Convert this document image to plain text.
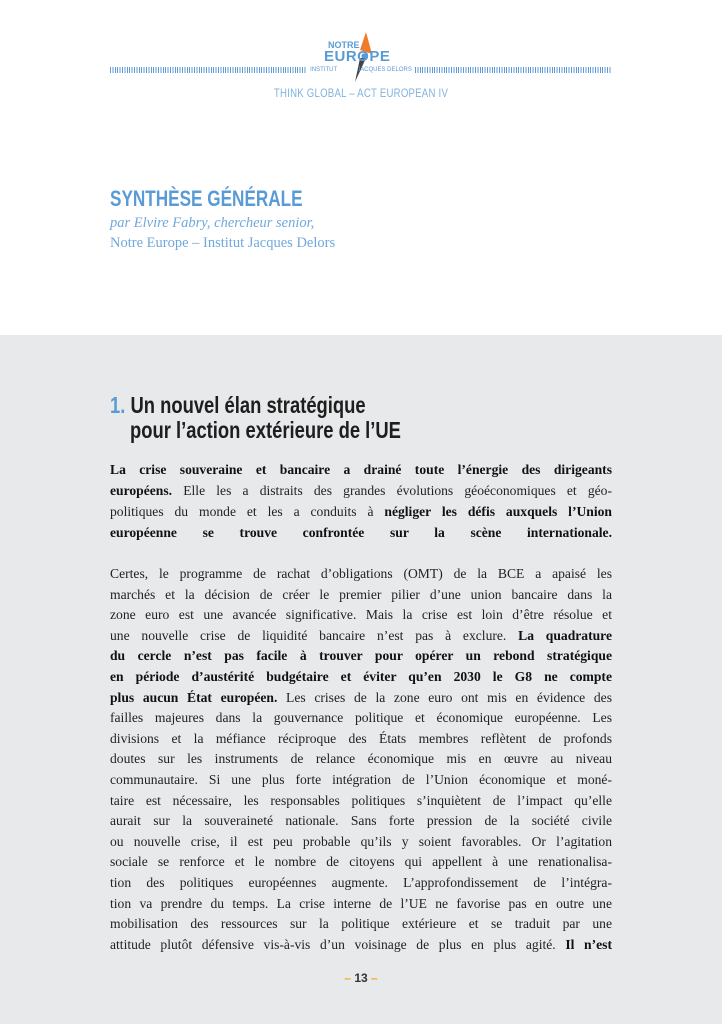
NOTRE
EUROPE
INSTITUT	JACQUES DELORS
THINK GLOBAL – ACT EUROPEAN IV
SYNTHÈSE GÉNÉRALE
par Elvire Fabry, chercheur senior,
Notre Europe – Institut Jacques Delors
1. Un nouvel élan stratégique
pour l’action extérieure de l’UE
La crise souveraine et bancaire a drainé toute l’énergie des dirigeants
européens. Elle les a distraits des grandes évolutions géoéconomiques et géo-
politiques du monde et les a conduits à négliger les défis auxquels l’Union
européenne se trouve confrontée sur la scène internationale.
Certes, le programme de rachat d’obligations (OMT) de la BCE a apaisé les
marchés et la décision de créer le premier pilier d’une union bancaire dans la
zone euro est une avancée significative. Mais la crise est loin d’être résolue et
une nouvelle crise de liquidité bancaire n’est pas à exclure. La quadrature
du cercle n’est pas facile à trouver pour opérer un rebond stratégique
en période d’austérité budgétaire et éviter qu’en 2030 le G8 ne compte
plus aucun État européen. Les crises de la zone euro ont mis en évidence des
failles majeures dans la gouvernance politique et économique européenne. Les
divisions et la méfiance réciproque des États membres reflètent de profonds
doutes sur les instruments de relance économique mis en œuvre au niveau
communautaire. Si une plus forte intégration de l’Union économique et moné-
taire est nécessaire, les responsables politiques s’inquiètent de l’impact qu’elle
aurait sur la souveraineté nationale. Sans forte pression de la société civile
ou nouvelle crise, il est peu probable qu’ils y soient favorables. Or l’agitation
sociale se renforce et le nombre de citoyens qui appellent à une renationalisa-
tion des politiques européennes augmente. L’approfondissement de l’intégra-
tion va prendre du temps. La crise interne de l’UE ne favorise pas en outre une
mobilisation des ressources sur la politique extérieure et se traduit par une
attitude plutôt défensive vis-à-vis d’un voisinage de plus en plus agité. Il n’est
– 13 –
